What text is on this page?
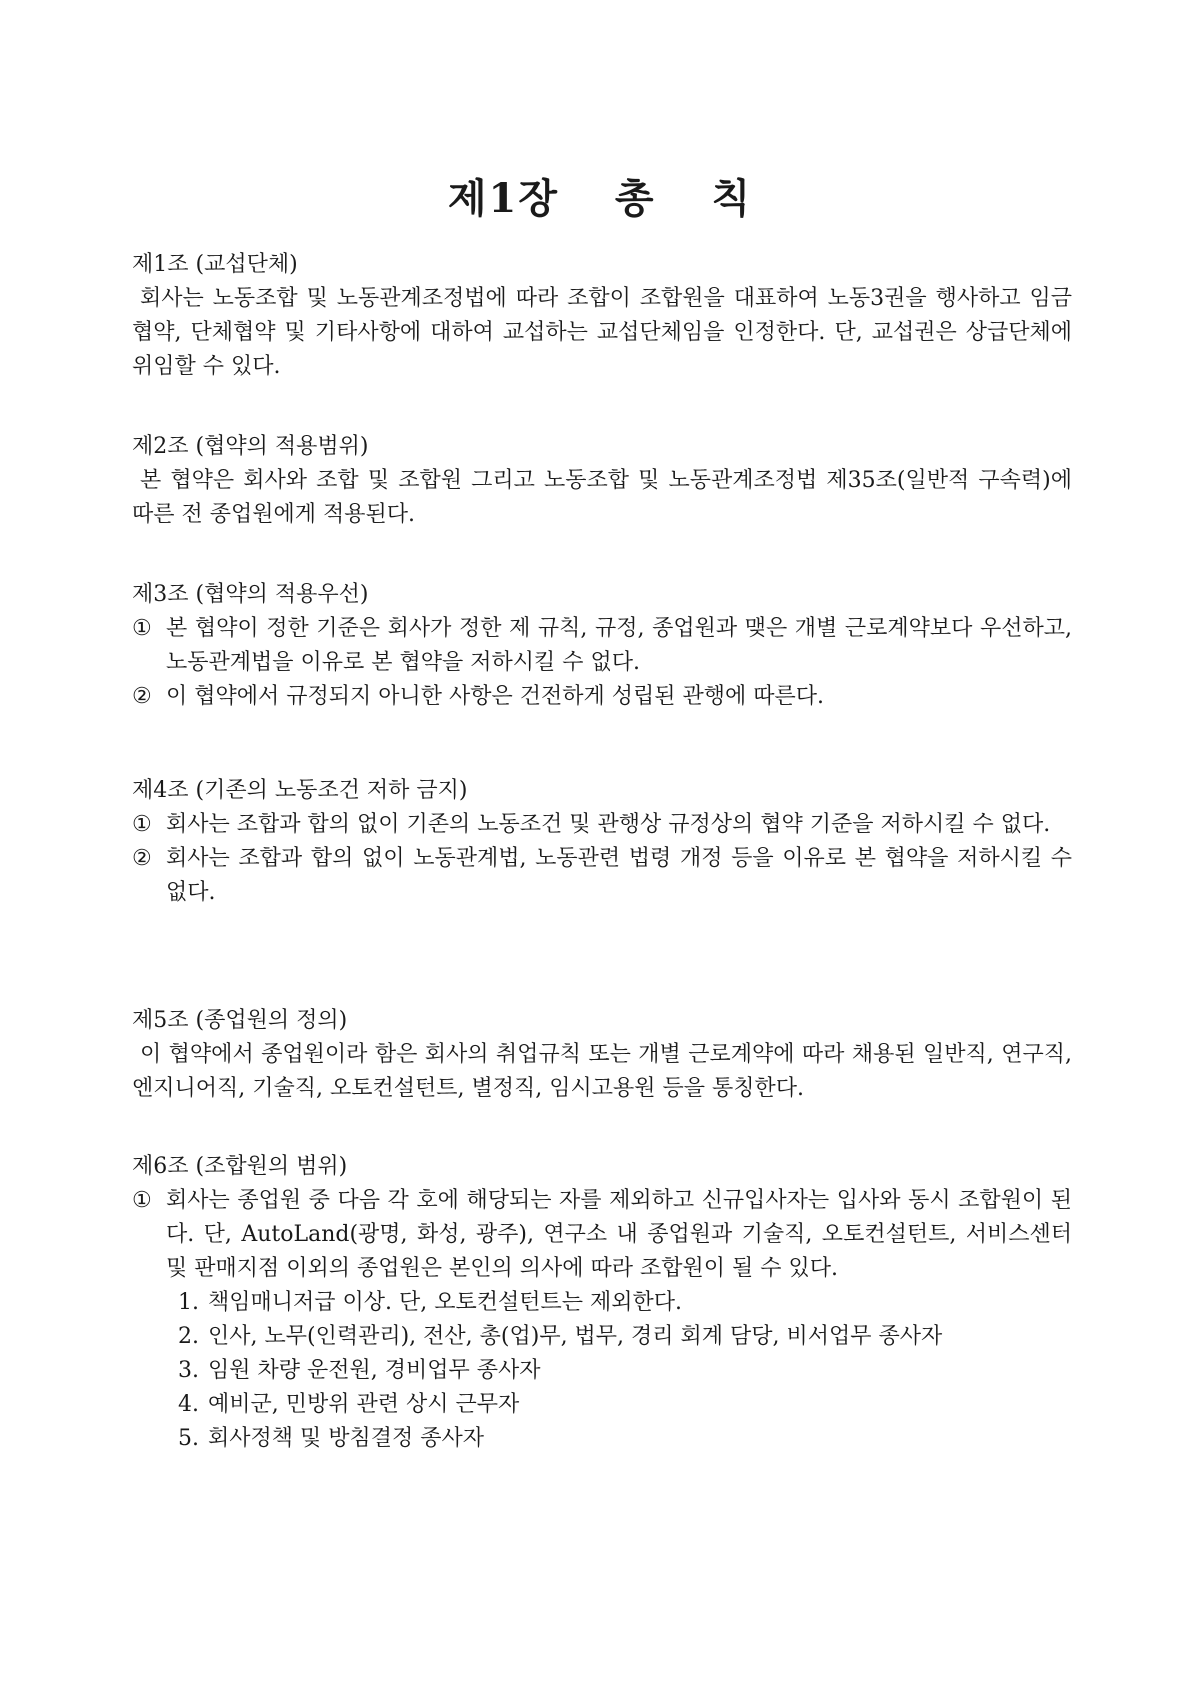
제1장 총 칙
제1조 (교섭단체)

회사는 노동조합 및 노동관계조정법에 따라 조합이 조합원을 대표하여 노동3권을 행사하고 임금협약, 단체협약 및 기타사항에 대하여 교섭하는 교섭단체임을 인정한다. 단, 교섭권은 상급단체에 위임할 수 있다.

제2조 (협약의 적용범위)

본 협약은 회사와 조합 및 조합원 그리고 노동조합 및 노동관계조정법 제35조(일반적 구속력)에 따른 전 종업원에게 적용된다.

제3조 (협약의 적용우선)
① 본 협약이 정한 기준은 회사가 정한 제 규칙, 규정, 종업원과 맺은 개별 근로계약보다 우선하고, 노동관계법을 이유로 본 협약을 저하시킬 수 없다.
② 이 협약에서 규정되지 아니한 사항은 건전하게 성립된 관행에 따른다.
제4조 (기존의 노동조건 저하 금지)
① 회사는 조합과 합의 없이 기존의 노동조건 및 관행상 규정상의 협약 기준을 저하시킬 수 없다.
② 회사는 조합과 합의 없이 노동관계법, 노동관련 법령 개정 등을 이유로 본 협약을 저하시킬 수 없다.
제5조 (종업원의 정의)

이 협약에서 종업원이라 함은 회사의 취업규칙 또는 개별 근로계약에 따라 채용된 일반직, 연구직, 엔지니어직, 기술직, 오토컨설턴트, 별정직, 임시고용원 등을 통칭한다.

제6조 (조합원의 범위)
① 회사는 종업원 중 다음 각 호에 해당되는 자를 제외하고 신규입사자는 입사와 동시 조합원이 된다. 단, AutoLand(광명, 화성, 광주), 연구소 내 종업원과 기술직, 오토컨설턴트, 서비스센터 및 판매지점 이외의 종업원은 본인의 의사에 따라 조합원이 될 수 있다.
1. 책임매니저급 이상. 단, 오토컨설턴트는 제외한다.
2. 인사, 노무(인력관리), 전산, 총(업)무, 법무, 경리 회계 담당, 비서업무 종사자
3. 임원 차량 운전원, 경비업무 종사자
4. 예비군, 민방위 관련 상시 근무자
5. 회사정책 및 방침결정 종사자
